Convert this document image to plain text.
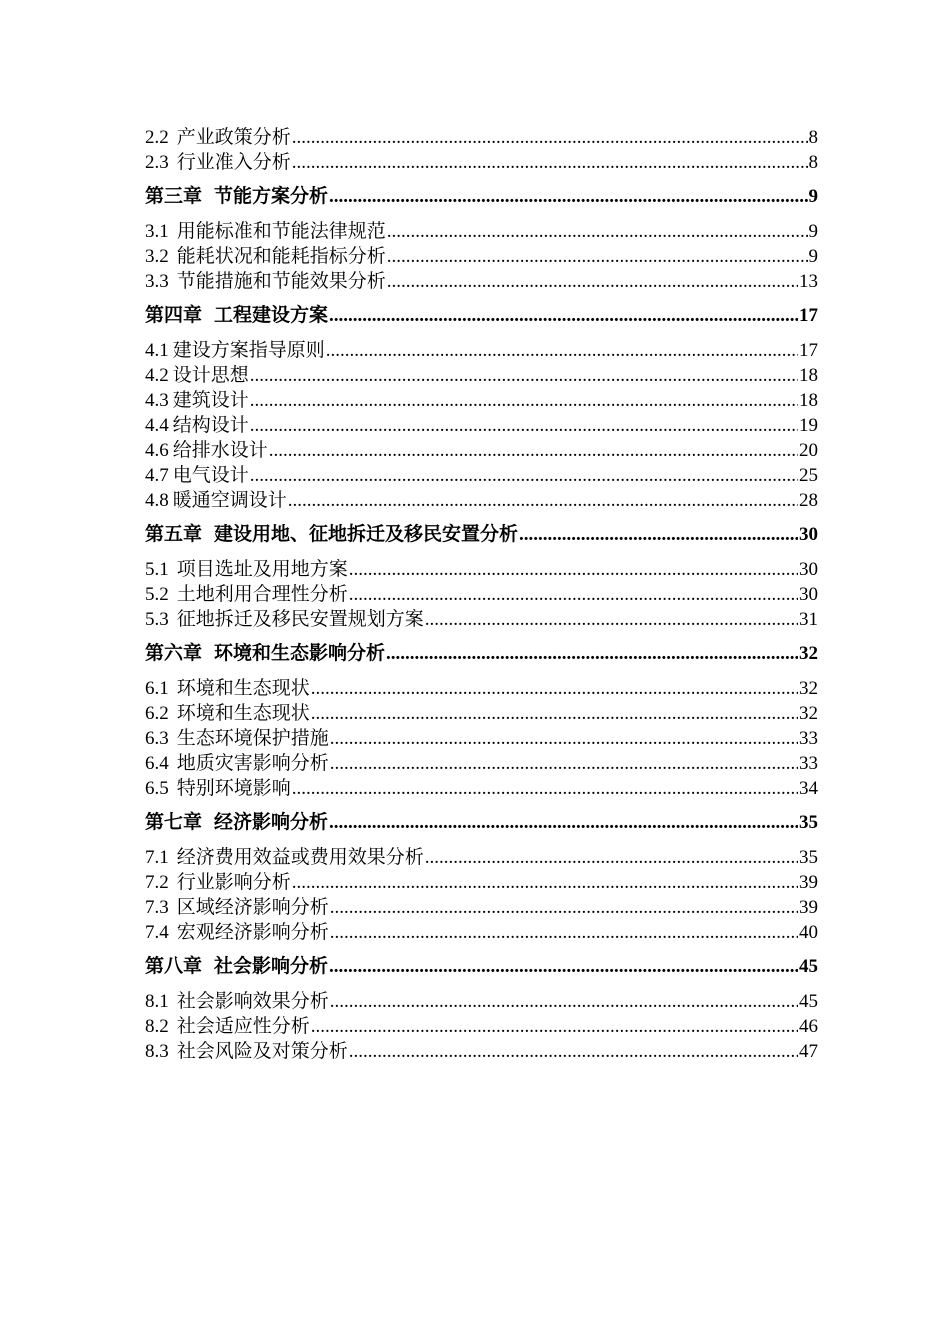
2.2 产业政策分析 .....	8
2.3 行业准入分析 .....	8
第三章 节能方案分析 .....	9
3.1 用能标准和节能法律规范 .....	9
3.2 能耗状况和能耗指标分析 .....	9
3.3 节能措施和节能效果分析 .....	13
第四章 工程建设方案 .....	17
4.1 建设方案指导原则 .....	17
4.2 设计思想 .....	18
4.3 建筑设计 .....	18
4.4 结构设计 .....	19
4.6 给排水设计 .....	20
4.7 电气设计 .....	25
4.8 暖通空调设计 .....	28
第五章 建设用地、征地拆迁及移民安置分析 .....	30
5.1 项目选址及用地方案 .....	30
5.2 土地利用合理性分析 .....	30
5.3 征地拆迁及移民安置规划方案 .....	31
第六章 环境和生态影响分析 .....	32
6.1 环境和生态现状 .....	32
6.2 环境和生态现状 .....	32
6.3 生态环境保护措施 .....	33
6.4 地质灾害影响分析 .....	33
6.5 特别环境影响 .....	34
第七章 经济影响分析 .....	35
7.1 经济费用效益或费用效果分析 .....	35
7.2 行业影响分析 .....	39
7.3 区域经济影响分析 .....	39
7.4 宏观经济影响分析 .....	40
第八章 社会影响分析 .....	45
8.1 社会影响效果分析 .....	45
8.2 社会适应性分析 .....	46
8.3 社会风险及对策分析 .....	47
